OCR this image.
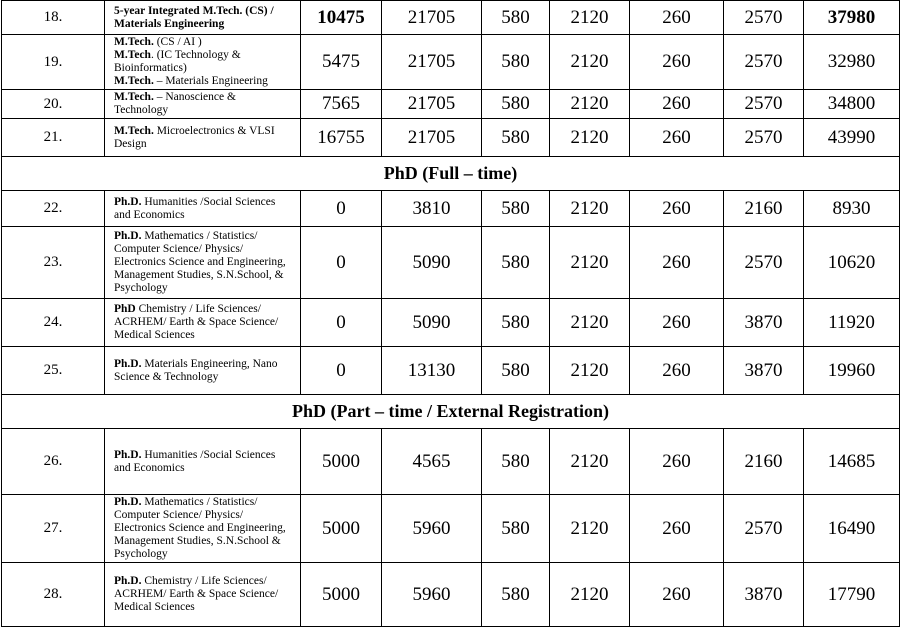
18.	5-year Integrated M.Tech. (CS) /
Materials Engineering	10475	21705	580	2120	260	2570	37980
19.	M.Tech. (CS / AI )
M.Tech. (IC Technology &
Bioinformatics)
M.Tech. – Materials Engineering	5475	21705	580	2120	260	2570	32980
20.	M.Tech. – Nanoscience &
Technology	7565	21705	580	2120	260	2570	34800
21.	M.Tech. Microelectronics & VLSI
Design	16755	21705	580	2120	260	2570	43990
PhD (Full – time)								
22.	Ph.D. Humanities /Social Sciences
and Economics	0	3810	580	2120	260	2160	8930
23.	Ph.D. Mathematics / Statistics/
Computer Science/ Physics/
Electronics Science and Engineering,
Management Studies, S.N.School, &
Psychology	0	5090	580	2120	260	2570	10620
24.	PhD Chemistry / Life Sciences/
ACRHEM/ Earth & Space Science/
Medical Sciences	0	5090	580	2120	260	3870	11920
25.	Ph.D. Materials Engineering, Nano
Science & Technology	0	13130	580	2120	260	3870	19960
PhD (Part – time / External Registration)								
26.	Ph.D. Humanities /Social Sciences
and Economics	5000	4565	580	2120	260	2160	14685
27.	Ph.D. Mathematics / Statistics/
Computer Science/ Physics/
Electronics Science and Engineering,
Management Studies, S.N.School &
Psychology	5000	5960	580	2120	260	2570	16490
28.	Ph.D. Chemistry / Life Sciences/
ACRHEM/ Earth & Space Science/
Medical Sciences	5000	5960	580	2120	260	3870	17790
